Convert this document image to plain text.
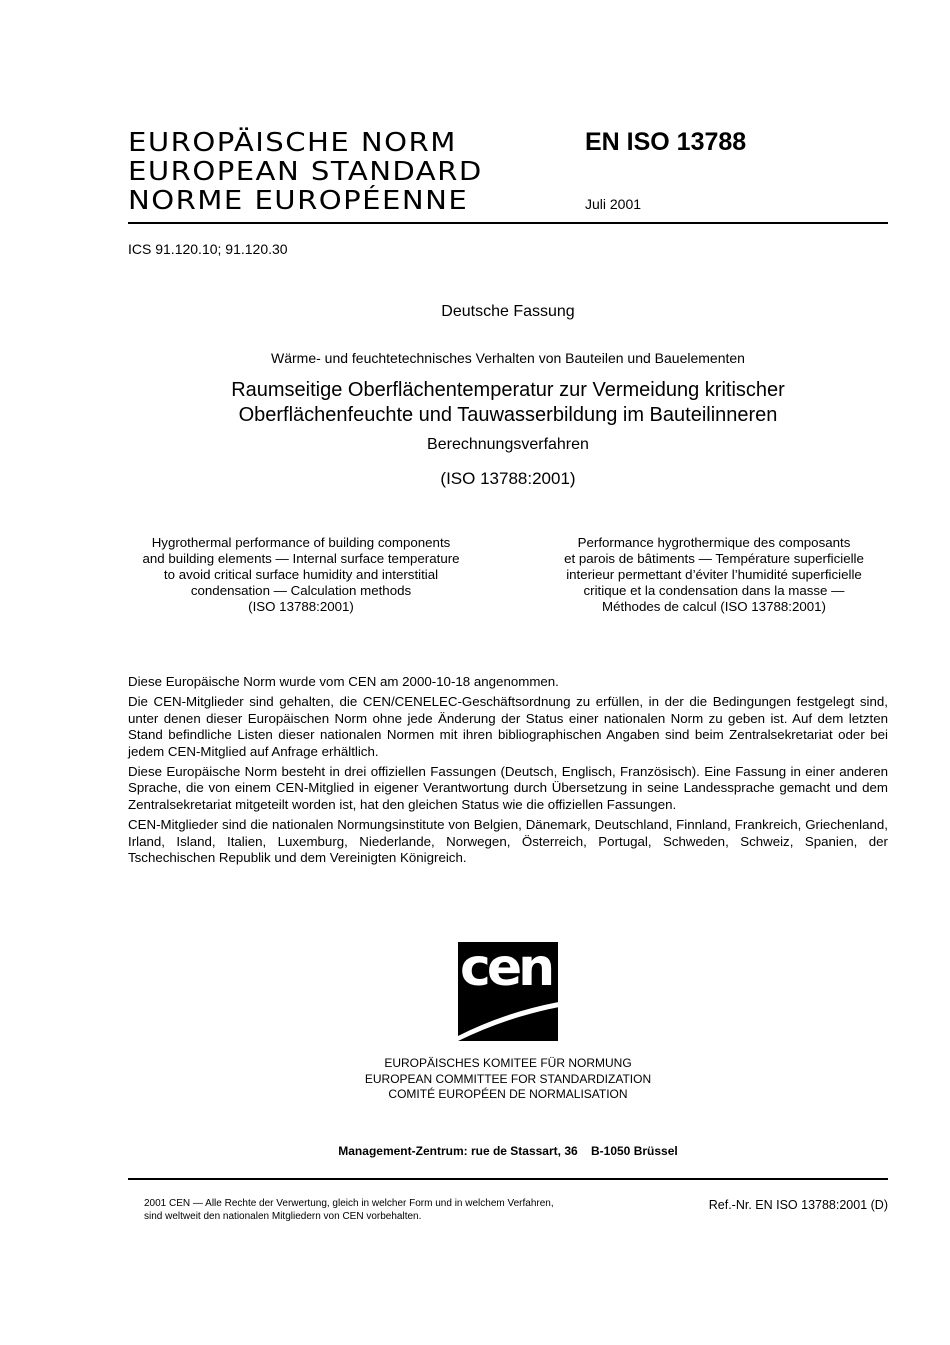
EUROPÄISCHE NORM
EUROPEAN STANDARD
NORME EUROPÉENNE
EN ISO 13788
Juli 2001
ICS 91.120.10; 91.120.30
Deutsche Fassung
Wärme- und feuchtetechnisches Verhalten von Bauteilen und Bauelementen
Raumseitige Oberflächentemperatur zur Vermeidung kritischer
Oberflächenfeuchte und Tauwasserbildung im Bauteilinneren
Berechnungsverfahren
(ISO 13788:2001)
Hygrothermal performance of building components
and building elements — Internal surface temperature
to avoid critical surface humidity and interstitial
condensation — Calculation methods
(ISO 13788:2001)
Performance hygrothermique des composants
et parois de bâtiments — Température superficielle
interieur permettant d’éviter l’humidité superficielle
critique et la condensation dans la masse —
Méthodes de calcul (ISO 13788:2001)

Diese Europäische Norm wurde vom CEN am 2000-10-18 angenommen.

Die CEN-Mitglieder sind gehalten, die CEN/CENELEC-Geschäftsordnung zu erfüllen, in der die Bedingungen festgelegt sind, unter denen dieser Europäischen Norm ohne jede Änderung der Status einer nationalen Norm zu geben ist. Auf dem letzten Stand befindliche Listen dieser nationalen Normen mit ihren bibliographischen Angaben sind beim Zentralsekretariat oder bei jedem CEN-Mitglied auf Anfrage erhältlich.

Diese Europäische Norm besteht in drei offiziellen Fassungen (Deutsch, Englisch, Französisch). Eine Fassung in einer anderen Sprache, die von einem CEN-Mitglied in eigener Verantwortung durch Übersetzung in seine Landessprache gemacht und dem Zentralsekretariat mitgeteilt worden ist, hat den gleichen Status wie die offiziellen Fassungen.

CEN-Mitglieder sind die nationalen Normungsinstitute von Belgien, Dänemark, Deutschland, Finnland, Frankreich, Griechenland, Irland, Island, Italien, Luxemburg, Niederlande, Norwegen, Österreich, Portugal, Schweden, Schweiz, Spanien, der Tschechischen Republik und dem Vereinigten Königreich.

cen
EUROPÄISCHES KOMITEE FÜR NORMUNG
EUROPEAN COMMITTEE FOR STANDARDIZATION
COMITÉ EUROPÉEN DE NORMALISATION
Management-Zentrum: rue de Stassart, 36    B-1050 Brüssel
2001 CEN — Alle Rechte der Verwertung, gleich in welcher Form und in welchem Verfahren,
sind weltweit den nationalen Mitgliedern von CEN vorbehalten.
Ref.-Nr. EN ISO 13788:2001 (D)
